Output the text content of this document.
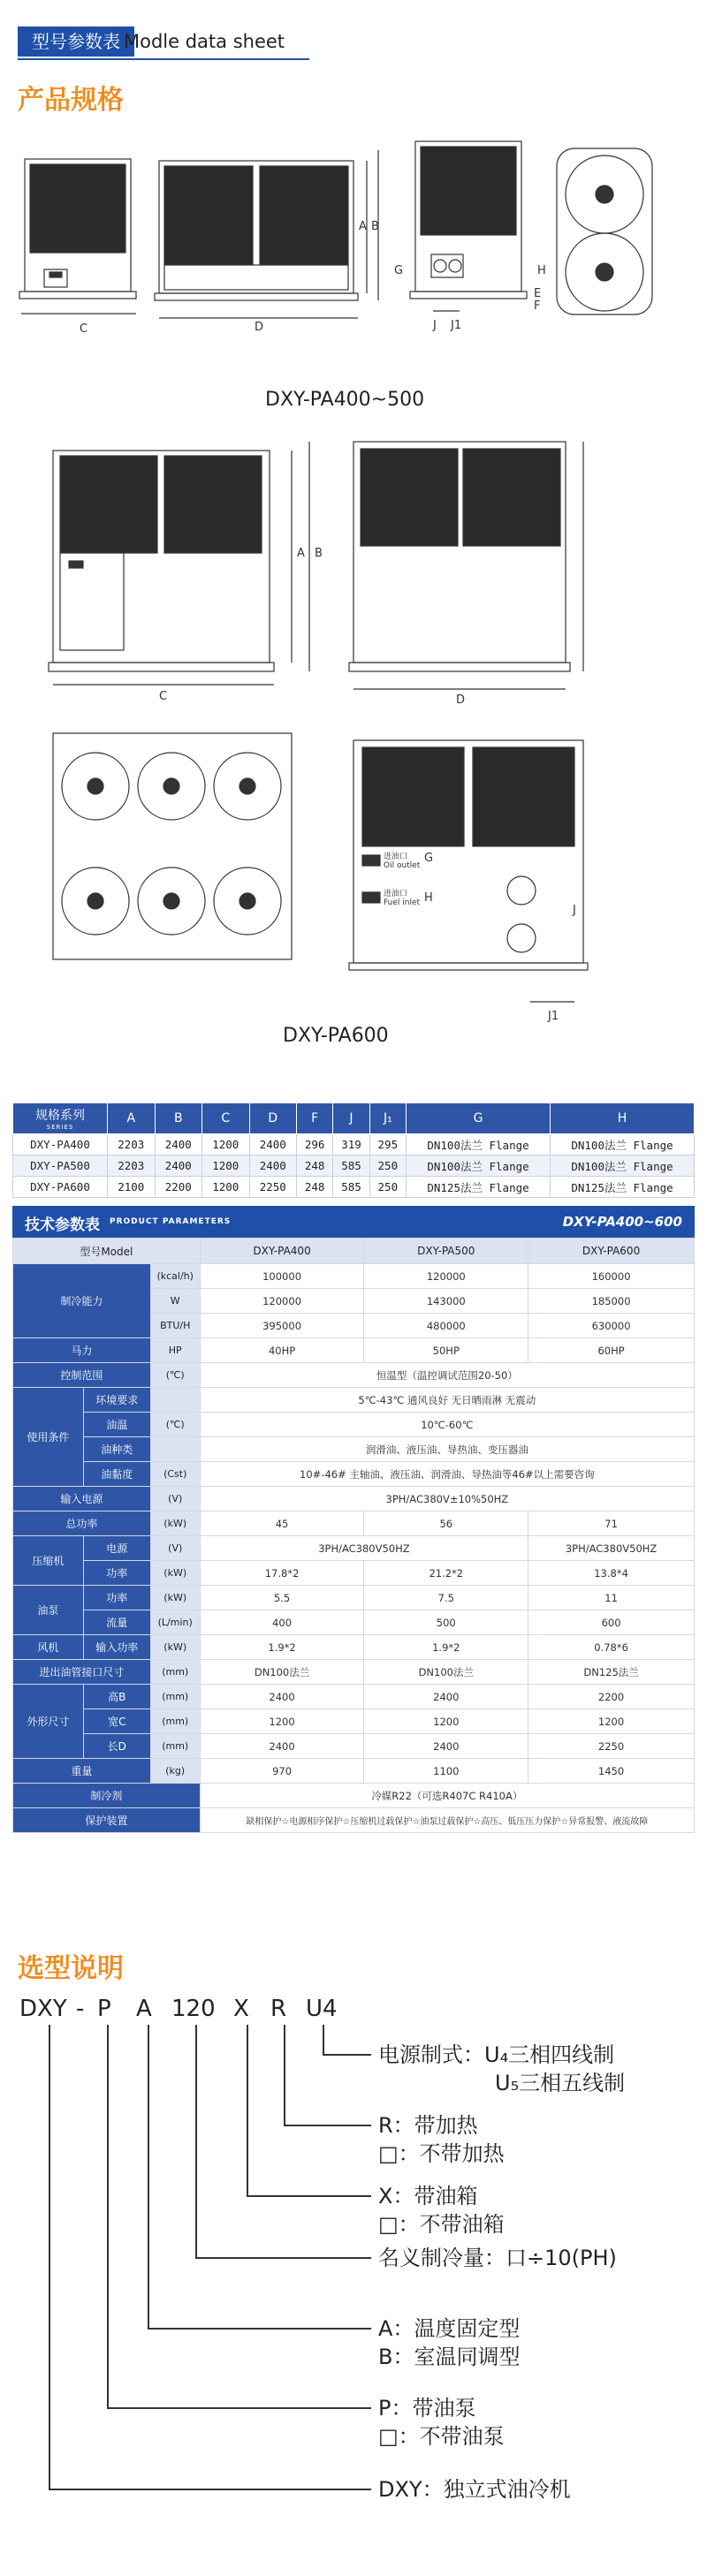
型号参数表 Modle data sheet
产品规格
C	D
A B
G	H
J J1
F
E
DXY-PA400~500
C	D
A B
G
H
J
J1
进油口
Oil outlet
进油口
Fuel inlet
DXY-PA600
规格系列
SERIES	A	B	C	D	F	J	J₁	G	H
DXY-PA400	2203	2400	1200	2400	296	319	295	DN100法兰 Flange	DN100法兰 Flange
DXY-PA500	2203	2400	1200	2400	248	585	250	DN100法兰 Flange	DN100法兰 Flange
DXY-PA600	2100	2200	1200	2250	248	585	250	DN125法兰 Flange	DN125法兰 Flange
技术参数表 PRODUCT PARAMETERS	DXY-PA400~600
型号Model			DXY-PA400	DXY-PA500	DXY-PA600
制冷能力		(kcal/h)	100000	120000	160000
		W	120000	143000	185000
		BTU/H	395000	480000	630000
马力		HP	40HP	50HP	60HP
控制范围		(℃)	恒温型（温控调试范围20-50）		
使用条件	环境要求		5℃-43℃ 通风良好 无日晒雨淋 无震动		
	油温	(℃)	10℃-60℃		
	油种类		润滑油、液压油、导热油、变压器油		
	油黏度	(Cst)	10#-46# 主轴油、液压油、润滑油、导热油等46#以上需要咨询		
输入电源		(V)	3PH/AC380V±10%50HZ		
总功率		(kW)	45	56	71
压缩机	电源	(V)	3PH/AC380V50HZ		3PH/AC380V50HZ
	功率	(kW)	17.8*2	21.2*2	13.8*4
油泵	功率	(kW)	5.5	7.5	11
	流量	(L/min)	400	500	600
风机	输入功率	(kW)	1.9*2	1.9*2	0.78*6
进出油管接口尺寸		(mm)	DN100法兰	DN100法兰	DN125法兰
外形尺寸	高B	(mm)	2400	2400	2200
	宽C	(mm)	1200	1200	1200
	长D	(mm)	2400	2400	2250
重量		(kg)	970	1100	1450
制冷剂			冷媒R22（可选R407C R410A）		
保护装置			缺相保护☆电源相序保护☆压缩机过载保护☆油泵过载保护☆高压、低压压力保护☆异常报警、液流故障		
选型说明
DXY - P A 120 X R U4
电源制式：U₄三相四线制
U₅三相五线制
R：带加热
□：不带加热
X：带油箱
□：不带油箱
名义制冷量：口÷10(PH)
A：温度固定型
B：室温同调型
P：带油泵
□：不带油泵
DXY：独立式油冷机
